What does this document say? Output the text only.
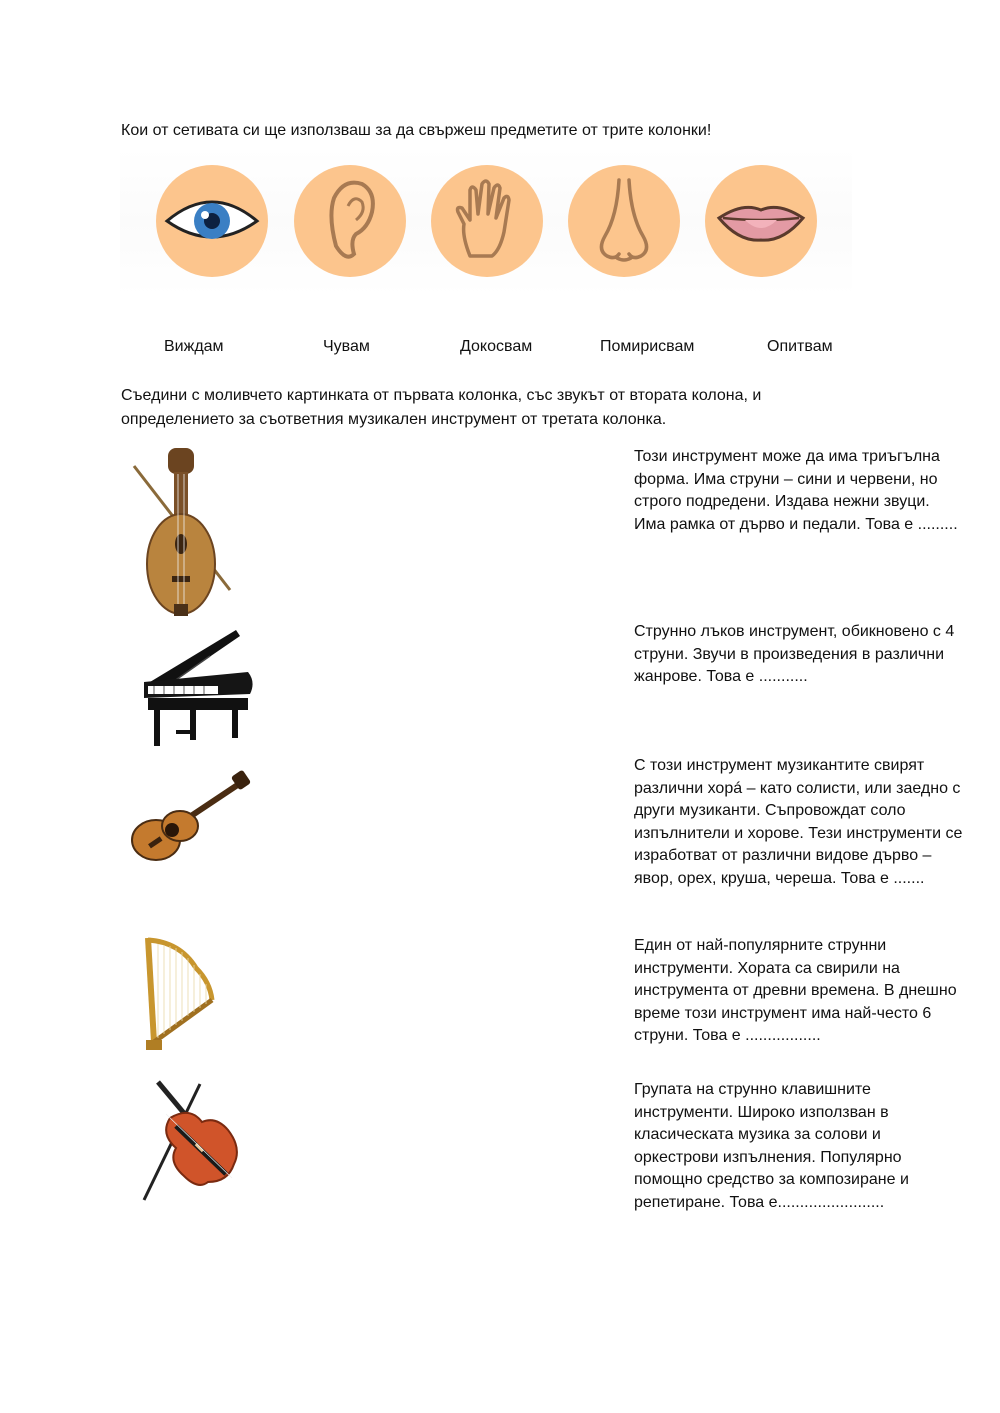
Кои от сетивата си ще използваш за да свържеш предметите от трите колонки!
Виждам	Чувам	Докосвам	Помирисвам	Опитвам
Съедини с моливчето картинката от първата колонка, със звукът от втората колона, и определението за съответния музикален инструмент от третата колонка.
Този инструмент може да има триъгълна форма. Има струни – сини и червени, но строго подредени. Издава нежни звуци. Има рамка от дърво и педали. Това е .........
Струнно лъков инструмент, обикновено с 4 струни. Звучи в произведения в различни жанрове. Това е ...........
С този инструмент музикантите свирят различни хорá – като солисти, или заедно с други музиканти. Съпровождат соло изпълнители и хорове. Тези инструменти се изработват от различни видове дърво – явор, орех, круша, череша. Това е .......
Един от най-популярните струнни инструменти. Хората са свирили на инструмента от древни времена. В днешно време този инструмент има най-често 6 струни. Това е .................
Групата на струнно клавишните инструменти. Широко използван в класическата музика за солови и оркестрови изпълнения. Популярно помощно средство за композиране и репетиране. Това е........................
